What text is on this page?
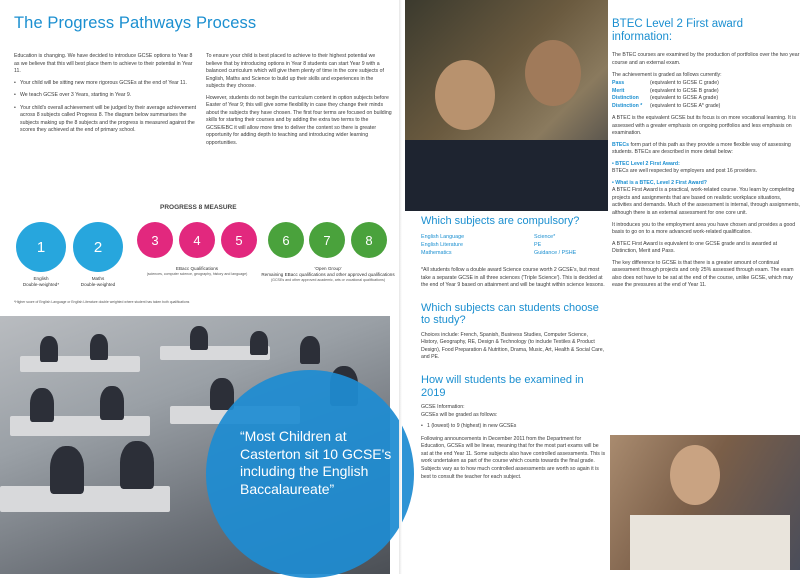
The Progress Pathways Process

Education is changing. We have decided to introduce GCSE options to Year 8 as we believe that this will best place them to achieve to their potential in Year 11.

• Your child will be sitting new more rigorous GCSEs at the end of Year 11.
• We teach GCSE over 3 Years, starting in Year 9.
• Your child's overall achievement will be judged by their average achievement across 8 subjects called Progress 8. The diagram below summarises the subjects making up the 8 subjects and the progress is measured against the scores they achieved at the end of primary school.

To ensure your child is best placed to achieve to their highest potential we believe that by introducing options in Year 8 students can start Year 9 with a balanced curriculum which will give them plenty of time in the core subjects of English, Maths and Science to build up their skills and experiences in the subjects they choose.

However, students do not begin the curriculum content in option subjects before Easter of Year 9; this will give some flexibility in case they change their minds about the subjects they have chosen. The first four terms are focused on building skills for starting their courses and by adding the extra two terms to the GCSE/EBC it will allow more time to deliver the content so there is greater opportunity for adding depth to teaching and introducing wider learning opportunities.

PROGRESS 8 MEASURE
1	2	3	4	5	6	7	8
English
Double-weighted*
Maths
Double-weighted
EBacc Qualifications
(sciences, computer science, geography, history and language)
'Open Group'
Remaining EBacc qualifications and other approved qualifications
(GCSEs and other approved academic, arts or vocational qualifications)
*Higher score of English Language or English Literature double weighted where student has taken both qualifications
“Most Children at Casterton sit 10 GCSE's including the English Baccalaureate”
Which subjects are compulsory?
English Language	Science*
English Literature	PE
Mathematics	Guidance / PSHE

*All students follow a double award Science course worth 2 GCSE's, but most take a separate GCSE in all three sciences ('Triple Science'). This is decided at the end of Year 9 based on attainment and will be taught within science lessons.

Which subjects can students choose to study?

Choices include: French, Spanish, Business Studies, Computer Science, History, Geography, RE, Design & Technology (to include Textiles & Product Design), Food Preparation & Nutrition, Drama, Music, Art, Health & Social Care, and PE.

How will students be examined in 2019

GCSE Information:
GCSEs will be graded as follows:

• 1 (lowest) to 9 (highest) in new GCSEs

Following announcements in December 2011 from the Department for Education, GCSEs will be linear, meaning that for the most part exams will be sat at the end Year 11. Some subjects also have controlled assessments. This is work undertaken as part of the course which counts towards the final grade. Subjects vary as to how much controlled assessments are worth so again it is best to consult the teacher for each subject.

BTEC Level 2 First award information:

The BTEC courses are examined by the production of portfolios over the two year course and an external exam.

The achievement is graded as follows currently:

Pass	(equivalent to GCSE C grade)
Merit	(equivalent to GCSE B grade)
Distinction	(equivalent to GCSE A grade)
Distinction *	(equivalent to GCSE A* grade)

A BTEC is the equivalent GCSE but its focus is on more vocational learning. It is assessed with a greater emphasis on ongoing portfolios and less emphasis on examination.

BTECs form part of this path as they provide a more flexible way of assessing students. BTECs are described in more detail below:

• BTEC Level 2 First Award:
BTECs are well respected by employers and post 16 providers.

• What is a BTEC, Level 2 First Award?
A BTEC First Award is a practical, work-related course. You learn by completing projects and assignments that are based on realistic workplace situations, activities and demands. Much of the assessment is internal, through assignments, although there is an external assessment for one core unit.

It introduces you to the employment area you have chosen and provides a good basis to go on to a more advanced work-related qualification.

A BTEC First Award is equivalent to one GCSE grade and is awarded at Distinction, Merit and Pass.

The key difference to GCSE is that there is a greater amount of continual assessment through projects and only 25% assessed through exam. The exam also does not have to be sat at the end of the course, unlike GCSE, which may ease the pressures at the end of Year 11.
